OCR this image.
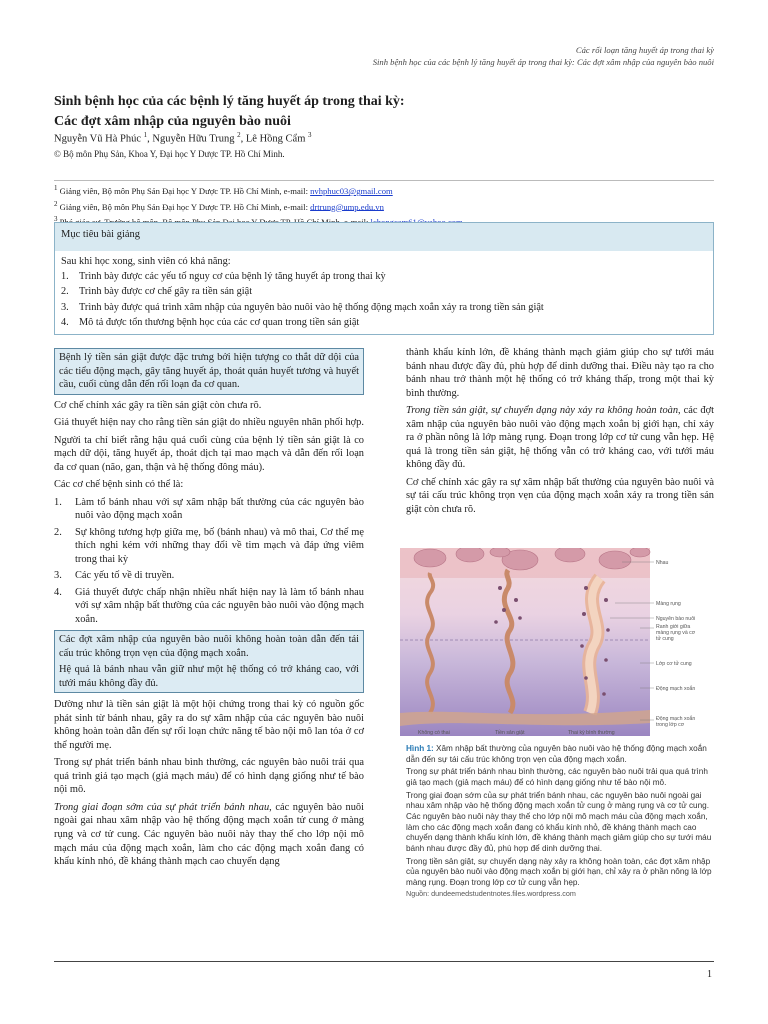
Các rối loạn tăng huyết áp trong thai kỳ
Sinh bệnh học của các bệnh lý tăng huyết áp trong thai kỳ: Các đợt xâm nhập của nguyên bào nuôi
Sinh bệnh học của các bệnh lý tăng huyết áp trong thai kỳ:
Các đợt xâm nhập của nguyên bào nuôi
Nguyễn Vũ Hà Phúc $^1$, Nguyễn Hữu Trung $^2$, Lê Hồng Cẩm $^3$
© Bộ môn Phụ Sản, Khoa Y, Đại học Y Dược TP. Hồ Chí Minh.
$^1$ Giảng viên, Bộ môn Phụ Sản Đại học Y Dược TP. Hồ Chí Minh, e-mail: nvhphuc03@gmail.com
$^2$ Giảng viên, Bộ môn Phụ Sản Đại học Y Dược TP. Hồ Chí Minh, e-mail: drtrung@ump.edu.vn
$^3$
Mục tiêu bài giảng
Sau khi học xong, sinh viên có khả năng:
1. Trình bày được các yếu tố nguy cơ của bệnh lý tăng huyết áp trong thai kỳ
2. Trình bày được cơ chế gây ra tiền sản giật
3. Trình bày được quá trình xâm nhập của nguyên bào nuôi vào hệ thống động mạch xoắn xảy ra trong tiền sản giật
4. Mô tả được tổn thương bệnh học của các cơ quan trong tiền sản giật

Bệnh lý tiền sản giật được đặc trưng bởi hiện tượng co thắt dữ dội của các tiểu động mạch, gây tăng huyết áp, thoát quản huyết tương và huyết cầu, cuối cùng dẫn đến rối loạn đa cơ quan.

Cơ chế chính xác gây ra tiền sản giật còn chưa rõ.

Giả thuyết hiện nay cho rằng tiền sản giật do nhiều nguyên nhân phối hợp.

Người ta chỉ biết rằng hậu quả cuối cùng của bệnh lý tiền sản giật là co mạch dữ dội, tăng huyết áp, thoát dịch tại mao mạch và dẫn đến rối loạn đa cơ quan (não, gan, thận và hệ thống đông máu).

Các cơ chế bệnh sinh có thể là:

1.	Làm tổ bánh nhau với sự xâm nhập bất thường của các nguyên bào nuôi vào động mạch xoắn
2.	Sự không tương hợp giữa mẹ, bố (bánh nhau) và mô thai, Cơ thể mẹ thích nghi kém với những thay đổi về tim mạch và đáp ứng viêm trong thai kỳ
3.	Các yếu tố về di truyền.
4.	Giả thuyết được chấp nhận nhiều nhất hiện nay là làm tổ bánh nhau với sự xâm nhập bất thường của các nguyên bào nuôi vào động mạch xoắn.
Các đợt xâm nhập của nguyên bào nuôi không hoàn toàn dẫn đến tái cấu trúc không trọn vẹn của động mạch xoắn.
Hệ quả là bánh nhau vẫn giữ như một hệ thống có trở kháng cao, với tưới máu không đầy đủ.

Dường như là tiền sản giật là một hội chứng trong thai kỳ có nguồn gốc phát sinh từ bánh nhau, gây ra do sự xâm nhập của các nguyên bào nuôi không hoàn toàn dẫn đến sự rối loạn chức năng tế bào nội mô lan tỏa ở cơ thể người mẹ.

Trong sự phát triển bánh nhau bình thường, các nguyên bào nuôi trải qua quá trình giả tạo mạch (giả mạch máu) để có hình dạng giống như tế bào nội mô.

Trong giai đoạn sớm của sự phát triển bánh nhau, các nguyên bào nuôi ngoài gai nhau xâm nhập vào hệ thống động mạch xoắn tử cung ở màng rụng và cơ tử cung. Các nguyên bào nuôi này thay thế cho lớp nội mô mạch máu của động mạch xoắn, làm cho các động mạch xoắn đang có khẩu kính nhỏ, đề kháng thành mạch cao chuyển dạng

thành khẩu kính lớn, đề kháng thành mạch giảm giúp cho sự tưới máu bánh nhau được đầy đủ, phù hợp để dinh dưỡng thai. Điều này tạo ra cho bánh nhau trở thành một hệ thống có trở kháng thấp, trong một thai kỳ bình thường.

Trong tiền sản giật, sự chuyển dạng này xảy ra không hoàn toàn, các đợt xâm nhập của nguyên bào nuôi vào động mạch xoắn bị giới hạn, chỉ xảy ra ở phần nông là lớp màng rụng. Đoạn trong lớp cơ tử cung vẫn hẹp. Hệ quả là trong tiền sản giật, hệ thống vẫn có trở kháng cao, với tưới máu không đầy đủ.

Cơ chế chính xác gây ra sự xâm nhập bất thường của nguyên bào nuôi và sự tái cấu trúc không trọn vẹn của động mạch xoắn xảy ra trong tiền sản giật còn chưa rõ.

Nhau
Màng rụng
Nguyên bào nuôi
Ranh giới giữa
màng rụng và cơ
tử cung
Lớp cơ tử cung
Động mạch xoắn
Động mạch xoắn
trong lớp cơ
Không có thai	Tiền sản giật	Thai kỳ bình thường
Hình 1: Xâm nhập bất thường của nguyên bào nuôi vào hệ thống động mạch xoắn dẫn đến sự tái cấu trúc không trọn vẹn của động mạch xoắn.
Trong sự phát triển bánh nhau bình thường, các nguyên bào nuôi trải qua quá trình giả tạo mạch (giả mạch máu) để có hình dạng giống như tế bào nội mô.
Trong giai đoạn sớm của sự phát triển bánh nhau, các nguyên bào nuôi ngoài gai nhau xâm nhập vào hệ thống động mạch xoắn tử cung ở màng rụng và cơ tử cung. Các nguyên bào nuôi này thay thế cho lớp nội mô mạch máu của động mạch xoắn, làm cho các động mạch xoắn đang có khẩu kính nhỏ, đề kháng thành mạch cao chuyển dạng thành khẩu kính lớn, đề kháng thành mạch giảm giúp cho sự tưới máu bánh nhau được đầy đủ, phù hợp để dinh dưỡng thai.
Trong tiền sản giật, sự chuyển dạng này xảy ra không hoàn toàn, các đợt xâm nhập của nguyên bào nuôi vào động mạch xoắn bị giới hạn, chỉ xảy ra ở phần nông là lớp màng rụng. Đoạn trong lớp cơ tử cung vẫn hẹp.
Nguồn: dundeemedstudentnotes.files.wordpress.com
1
